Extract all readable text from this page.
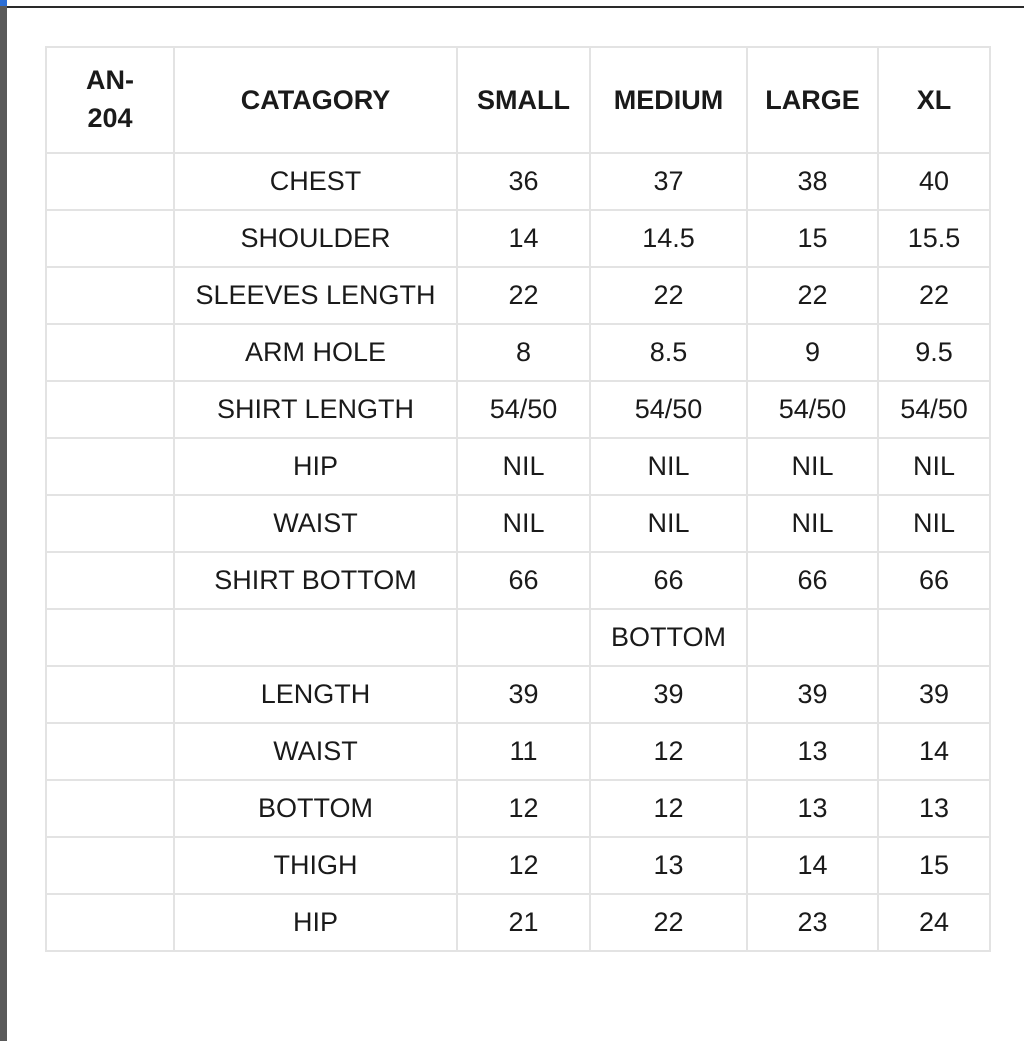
AN-
204	CATAGORY	SMALL	MEDIUM	LARGE	XL
	CHEST	36	37	38	40
	SHOULDER	14	14.5	15	15.5
	SLEEVES LENGTH	22	22	22	22
	ARM HOLE	8	8.5	9	9.5
	SHIRT LENGTH	54/50	54/50	54/50	54/50
	HIP	NIL	NIL	NIL	NIL
	WAIST	NIL	NIL	NIL	NIL
	SHIRT BOTTOM	66	66	66	66
			BOTTOM		
	LENGTH	39	39	39	39
	WAIST	11	12	13	14
	BOTTOM	12	12	13	13
	THIGH	12	13	14	15
	HIP	21	22	23	24
